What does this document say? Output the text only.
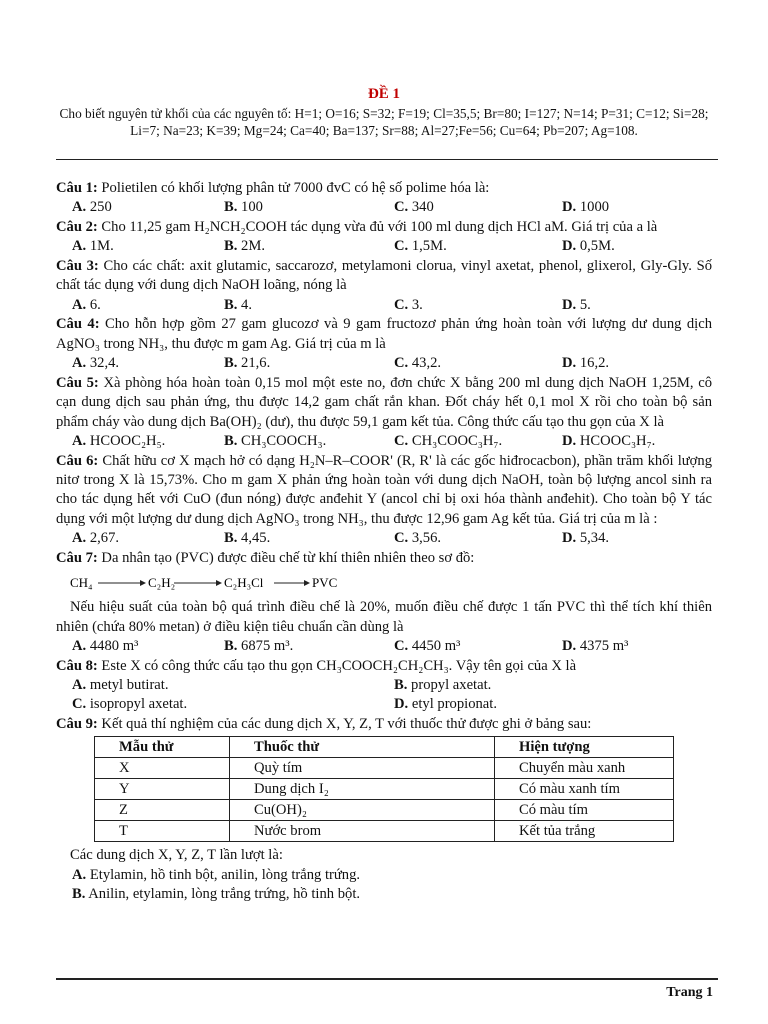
ĐỀ 1
Cho biết nguyên tử khối của các nguyên tố: H=1; O=16; S=32; F=19; Cl=35,5; Br=80; I=127; N=14; P=31; C=12; Si=28; Li=7; Na=23; K=39; Mg=24; Ca=40; Ba=137; Sr=88; Al=27;Fe=56; Cu=64; Pb=207; Ag=108.
Câu 1: Polietilen có khối lượng phân tử 7000 đvC có hệ số polime hóa là:
A. 250	B. 100	C. 340	D. 1000
Câu 2: Cho 11,25 gam H₂NCH₂COOH tác dụng vừa đủ với 100 ml dung dịch HCl aM. Giá trị của a là
A. 1M.	B. 2M.	C. 1,5M.	D. 0,5M.
Câu 3: Cho các chất: axit glutamic, saccarozơ, metylamoni clorua, vinyl axetat, phenol, glixerol, Gly-Gly. Số chất tác dụng với dung dịch NaOH loãng, nóng là
A. 6.	B. 4.	C. 3.	D. 5.
Câu 4: Cho hỗn hợp gồm 27 gam glucozơ và 9 gam fructozơ phản ứng hoàn toàn với lượng dư dung dịch AgNO₃ trong NH₃, thu được m gam Ag. Giá trị của m là
A. 32,4.	B. 21,6.	C. 43,2.	D. 16,2.
Câu 5: Xà phòng hóa hoàn toàn 0,15 mol một este no, đơn chức X bằng 200 ml dung dịch NaOH 1,25M, cô cạn dung dịch sau phản ứng, thu được 14,2 gam chất rắn khan. Đốt cháy hết 0,1 mol X rồi cho toàn bộ sản phẩm cháy vào dung dịch Ba(OH)₂ (dư), thu được 59,1 gam kết tủa. Công thức cấu tạo thu gọn của X là
A. HCOOC₂H₅.	B. CH₃COOCH₃.	C. CH₃COOC₃H₇.	D. HCOOC₃H₇.
Câu 6: Chất hữu cơ X mạch hở có dạng H₂N–R–COOR' (R, R' là các gốc hiđrocacbon), phần trăm khối lượng nitơ trong X là 15,73%. Cho m gam X phản ứng hoàn toàn với dung dịch NaOH, toàn bộ lượng ancol sinh ra cho tác dụng hết với CuO (đun nóng) được anđehit Y (ancol chỉ bị oxi hóa thành anđehit). Cho toàn bộ Y tác dụng với một lượng dư dung dịch AgNO₃ trong NH₃, thu được 12,96 gam Ag kết tủa. Giá trị của m là :
A. 2,67.	B. 4,45.	C. 3,56.	D. 5,34.
Câu 7: Da nhân tạo (PVC) được điều chế từ khí thiên nhiên theo sơ đồ:
CH₄	C₂H₂	C₂H₃Cl	PVC
Nếu hiệu suất của toàn bộ quá trình điều chế là 20%, muốn điều chế được 1 tấn PVC thì thể tích khí thiên nhiên (chứa 80% metan) ở điều kiện tiêu chuẩn cần dùng là
A. 4480 m³	B. 6875 m³.	C. 4450 m³	D. 4375 m³
Câu 8: Este X có công thức cấu tạo thu gọn CH₃COOCH₂CH₂CH₃. Vậy tên gọi của X là
A. metyl butirat.	B. propyl axetat.
C. isopropyl axetat.	D. etyl propionat.
Câu 9: Kết quả thí nghiệm của các dung dịch X, Y, Z, T với thuốc thử được ghi ở bảng sau:
Mẫu thử	Thuốc thử	Hiện tượng
X	Quỳ tím	Chuyển màu xanh
Y	Dung dịch I₂	Có màu xanh tím
Z	Cu(OH)₂	Có màu tím
T	Nước brom	Kết tủa trắng
Các dung dịch X, Y, Z, T lần lượt là:
A. Etylamin, hồ tinh bột, anilin, lòng trắng trứng.
B. Anilin, etylamin, lòng trắng trứng, hồ tinh bột.
Trang 1
